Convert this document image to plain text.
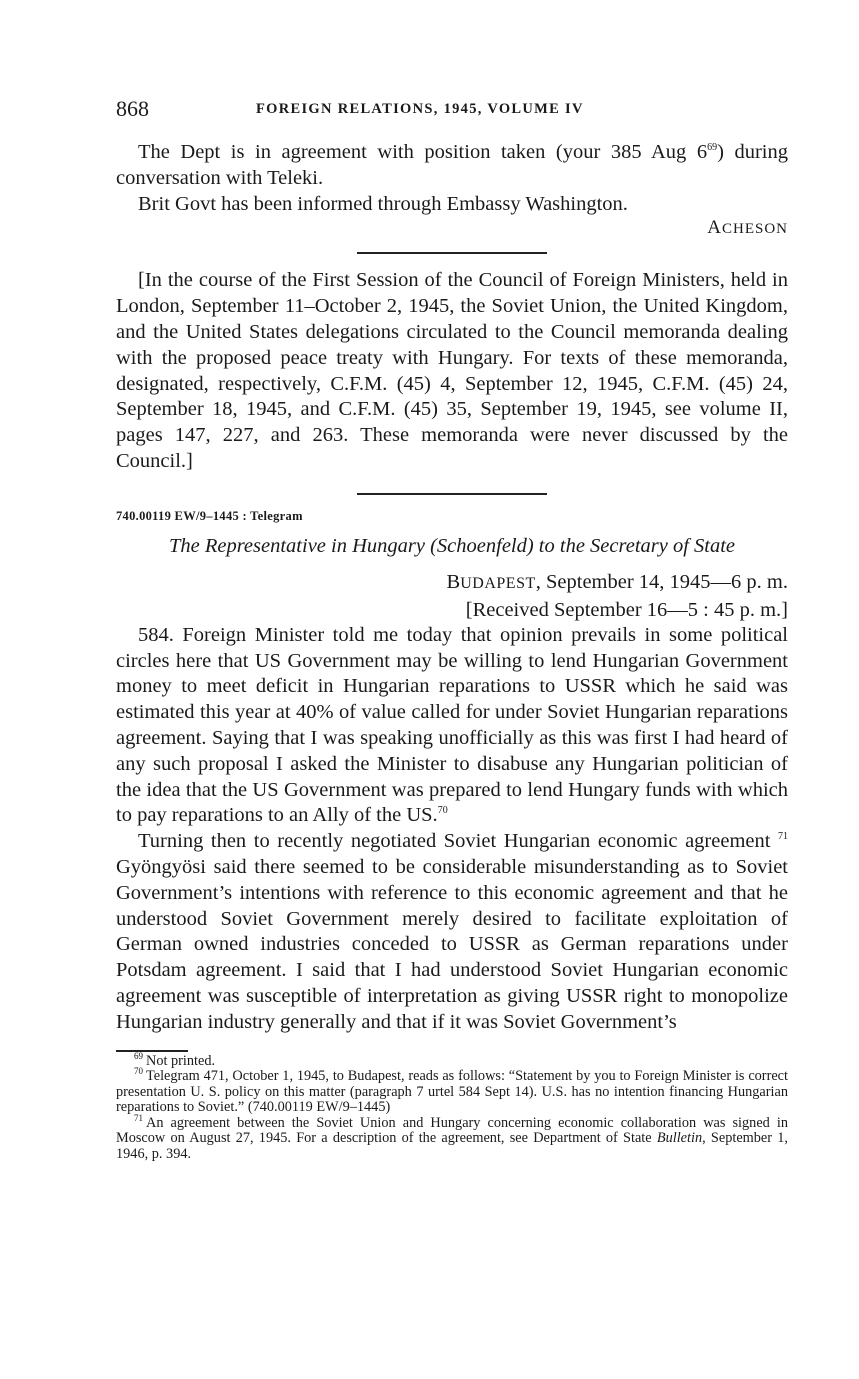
868	FOREIGN RELATIONS, 1945, VOLUME IV

The Dept is in agreement with position taken (your 385 Aug $6^{69}$) during conversation with Teleki.

Brit Govt has been informed through Embassy Washington.

ACHESON

[In the course of the First Session of the Council of Foreign Ministers, held in London, September 11–October 2, 1945, the Soviet Union, the United Kingdom, and the United States delegations circulated to the Council memoranda dealing with the proposed peace treaty with Hungary. For texts of these memoranda, designated, respectively, C.F.M. (45) 4, September 12, 1945, C.F.M. (45) 24, September 18, 1945, and C.F.M. (45) 35, September 19, 1945, see volume II, pages 147, 227, and 263. These memoranda were never discussed by the Council.]

740.00119 EW/9–1445 : Telegram

The Representative in Hungary (Schoenfeld) to the Secretary of State

BUDAPEST, September 14, 1945—6 p. m.

[Received September 16—5 : 45 p. m.]

584. Foreign Minister told me today that opinion prevails in some political circles here that US Government may be willing to lend Hungarian Government money to meet deficit in Hungarian reparations to USSR which he said was estimated this year at 40% of value called for under Soviet Hungarian reparations agreement. Saying that I was speaking unofficially as this was first I had heard of any such proposal I asked the Minister to disabuse any Hungarian politician of the idea that the US Government was prepared to lend Hungary funds with which to pay reparations to an Ally of the US.$^{70}$

Turning then to recently negotiated Soviet Hungarian economic agreement $^{71}$ Gyöngyösi said there seemed to be considerable misunderstanding as to Soviet Government’s intentions with reference to this economic agreement and that he understood Soviet Government merely desired to facilitate exploitation of German owned industries conceded to USSR as German reparations under Potsdam agreement. I said that I had understood Soviet Hungarian economic agreement was susceptible of interpretation as giving USSR right to monopolize Hungarian industry generally and that if it was Soviet Government’s

$^{69}$ Not printed.

$^{70}$ Telegram 471, October 1, 1945, to Budapest, reads as follows: “Statement by you to Foreign Minister is correct presentation U. S. policy on this matter (paragraph 7 urtel 584 Sept 14). U.S. has no intention financing Hungarian reparations to Soviet.” (740.00119 EW/9–1445)

$^{71}$ An agreement between the Soviet Union and Hungary concerning economic collaboration was signed in Moscow on August 27, 1945. For a description of the agreement, see Department of State Bulletin, September 1, 1946, p. 394.
